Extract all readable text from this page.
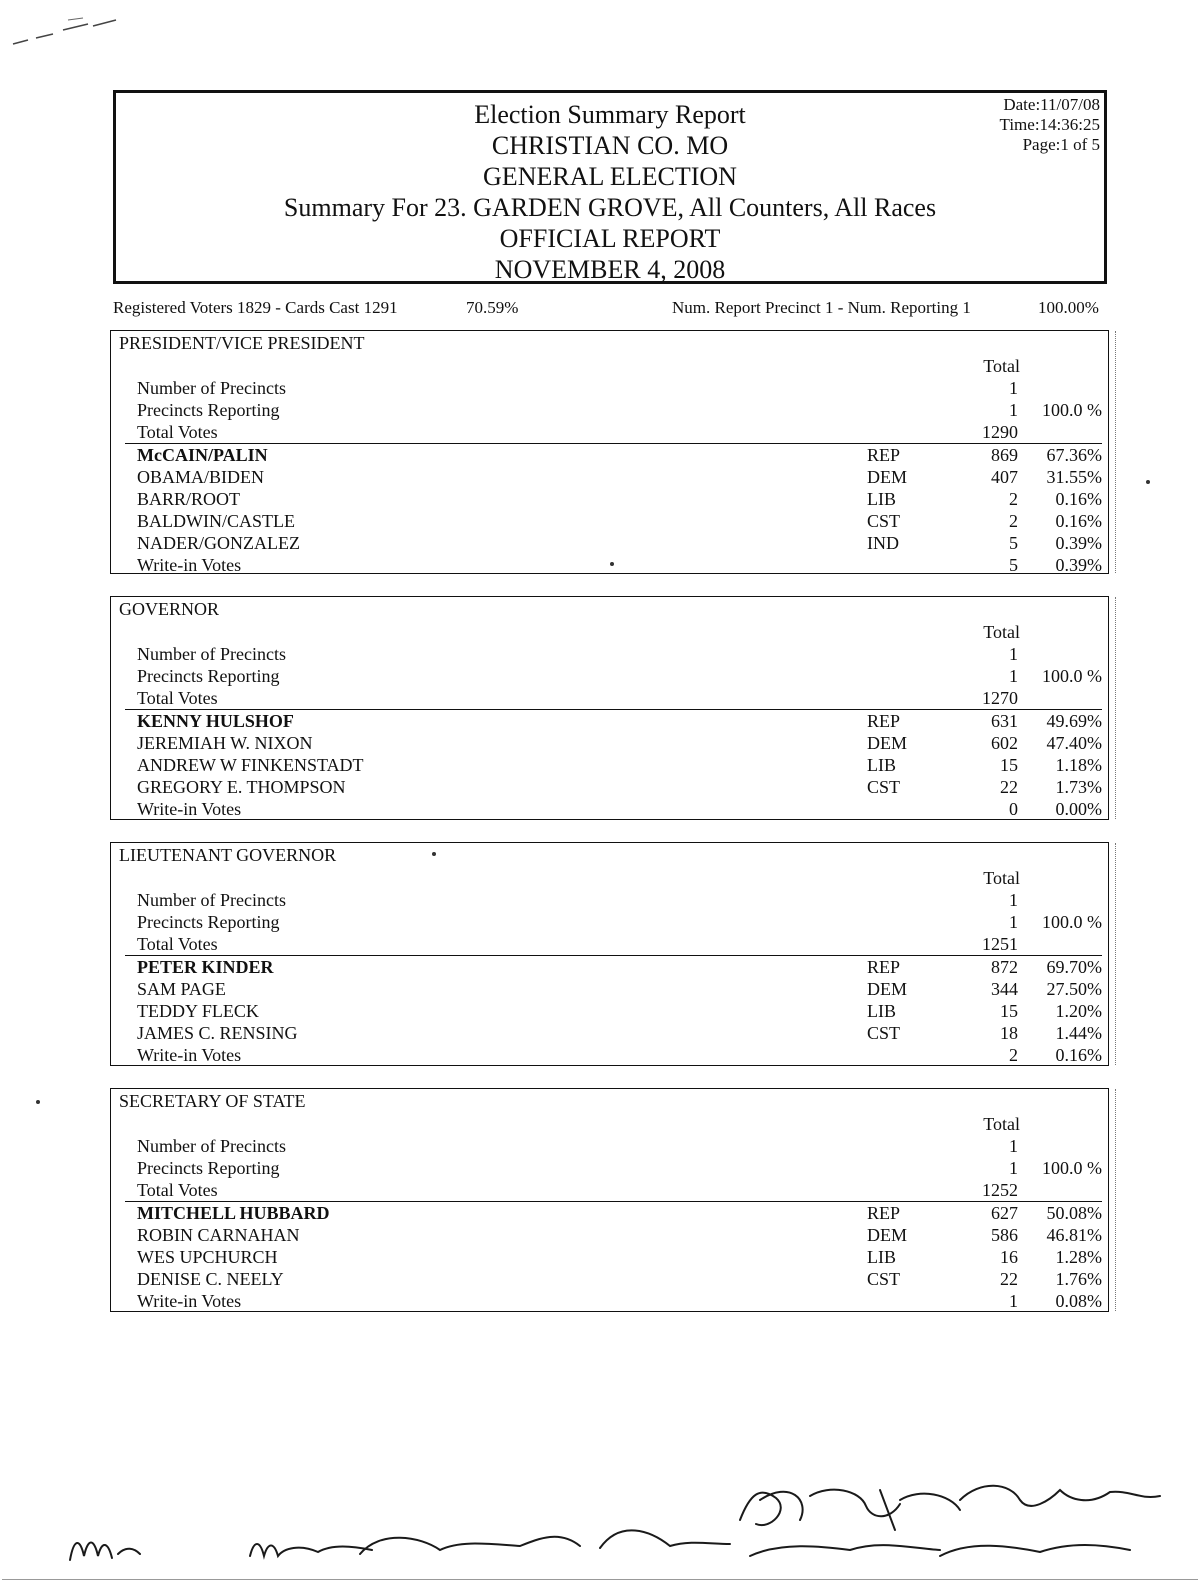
Election Summary Report
CHRISTIAN CO. MO
GENERAL ELECTION
Summary For 23. GARDEN GROVE, All Counters, All Races
OFFICIAL REPORT
NOVEMBER 4, 2008
Date:11/07/08
Time:14:36:25
Page:1 of 5
Registered Voters 1829 - Cards Cast 1291	70.59%	Num. Report Precinct 1 - Num. Reporting 1	100.00%
PRESIDENT/VICE PRESIDENT
Total
Number of Precincts	1
Precincts Reporting	1 100.0 %
Total Votes	1290
McCAIN/PALIN	REP	869 67.36%
OBAMA/BIDEN	DEM	407 31.55%
BARR/ROOT	LIB	2 0.16%
BALDWIN/CASTLE	CST	2 0.16%
NADER/GONZALEZ	IND	5 0.39%
Write-in Votes	5 0.39%
GOVERNOR
Total
Number of Precincts	1
Precincts Reporting	1 100.0 %
Total Votes	1270
KENNY HULSHOF	REP	631 49.69%
JEREMIAH W. NIXON	DEM	602 47.40%
ANDREW W FINKENSTADT	LIB	15 1.18%
GREGORY E. THOMPSON	CST	22 1.73%
Write-in Votes	0 0.00%
LIEUTENANT GOVERNOR
Total
Number of Precincts	1
Precincts Reporting	1 100.0 %
Total Votes	1251
PETER KINDER	REP	872 69.70%
SAM PAGE	DEM	344 27.50%
TEDDY FLECK	LIB	15 1.20%
JAMES C. RENSING	CST	18 1.44%
Write-in Votes	2 0.16%
SECRETARY OF STATE
Total
Number of Precincts	1
Precincts Reporting	1 100.0 %
Total Votes	1252
MITCHELL HUBBARD	REP	627 50.08%
ROBIN CARNAHAN	DEM	586 46.81%
WES UPCHURCH	LIB	16 1.28%
DENISE C. NEELY	CST	22 1.76%
Write-in Votes	1 0.08%
